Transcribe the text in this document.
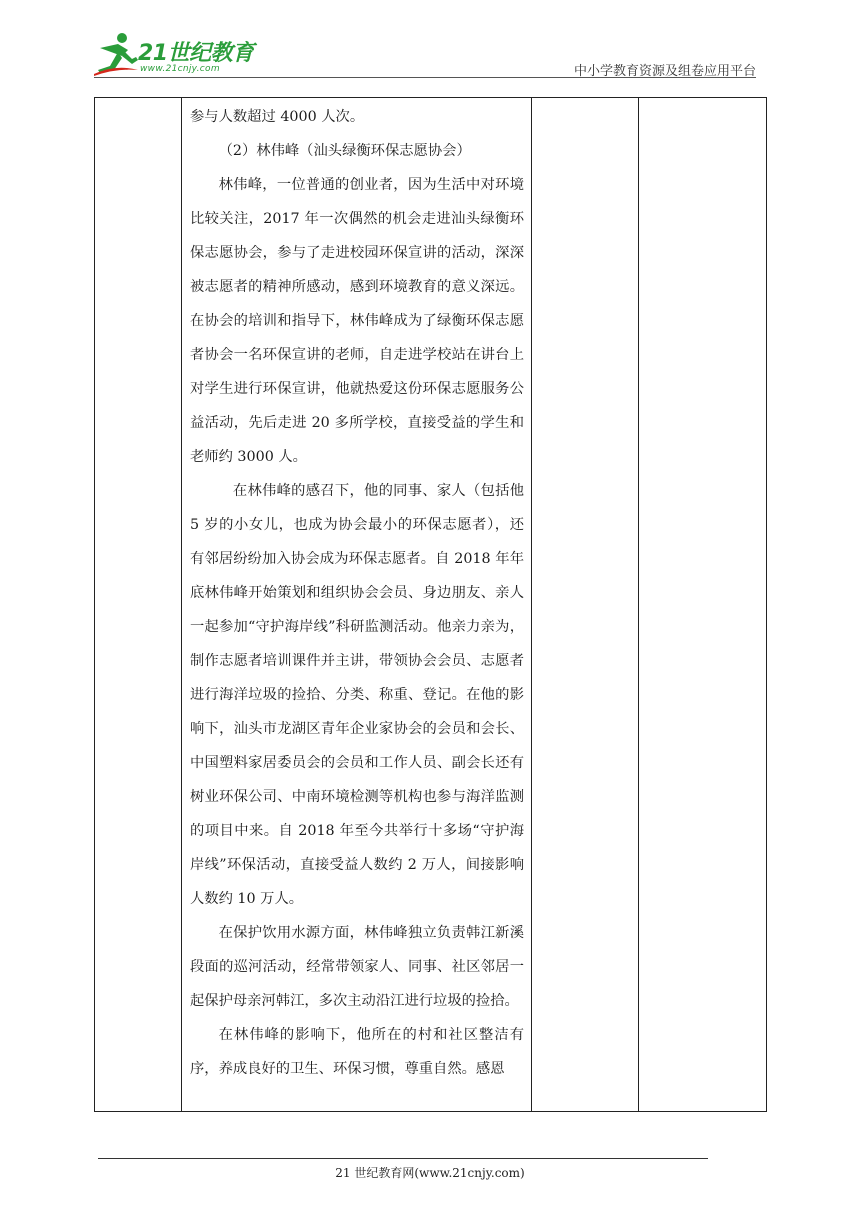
21世纪教育
www.21cnjy.com	中小学教育资源及组卷应用平台

参与人数超过 4000 人次。

（2）林伟峰（汕头绿衡环保志愿协会）

林伟峰，一位普通的创业者，因为生活中对环境比较关注，2017 年一次偶然的机会走进汕头绿衡环保志愿协会，参与了走进校园环保宣讲的活动，深深被志愿者的精神所感动，感到环境教育的意义深远。在协会的培训和指导下，林伟峰成为了绿衡环保志愿者协会一名环保宣讲的老师，自走进学校站在讲台上对学生进行环保宣讲，他就热爱这份环保志愿服务公益活动，先后走进 20 多所学校，直接受益的学生和老师约 3000 人。

在林伟峰的感召下，他的同事、家人（包括他 5 岁的小女儿，也成为协会最小的环保志愿者），还有邻居纷纷加入协会成为环保志愿者。自 2018 年年底林伟峰开始策划和组织协会会员、身边朋友、亲人一起参加“守护海岸线”科研监测活动。他亲力亲为，制作志愿者培训课件并主讲，带领协会会员、志愿者进行海洋垃圾的捡拾、分类、称重、登记。在他的影响下，汕头市龙湖区青年企业家协会的会员和会长、中国塑料家居委员会的会员和工作人员、副会长还有树业环保公司、中南环境检测等机构也参与海洋监测的项目中来。自 2018 年至今共举行十多场“守护海岸线”环保活动，直接受益人数约 2 万人，间接影响人数约 10 万人。

在保护饮用水源方面，林伟峰独立负责韩江新溪段面的巡河活动，经常带领家人、同事、社区邻居一起保护母亲河韩江，多次主动沿江进行垃圾的捡拾。

在林伟峰的影响下，他所在的村和社区整洁有序，养成良好的卫生、环保习惯，尊重自然。感恩

21 世纪教育网(www.21cnjy.com)
